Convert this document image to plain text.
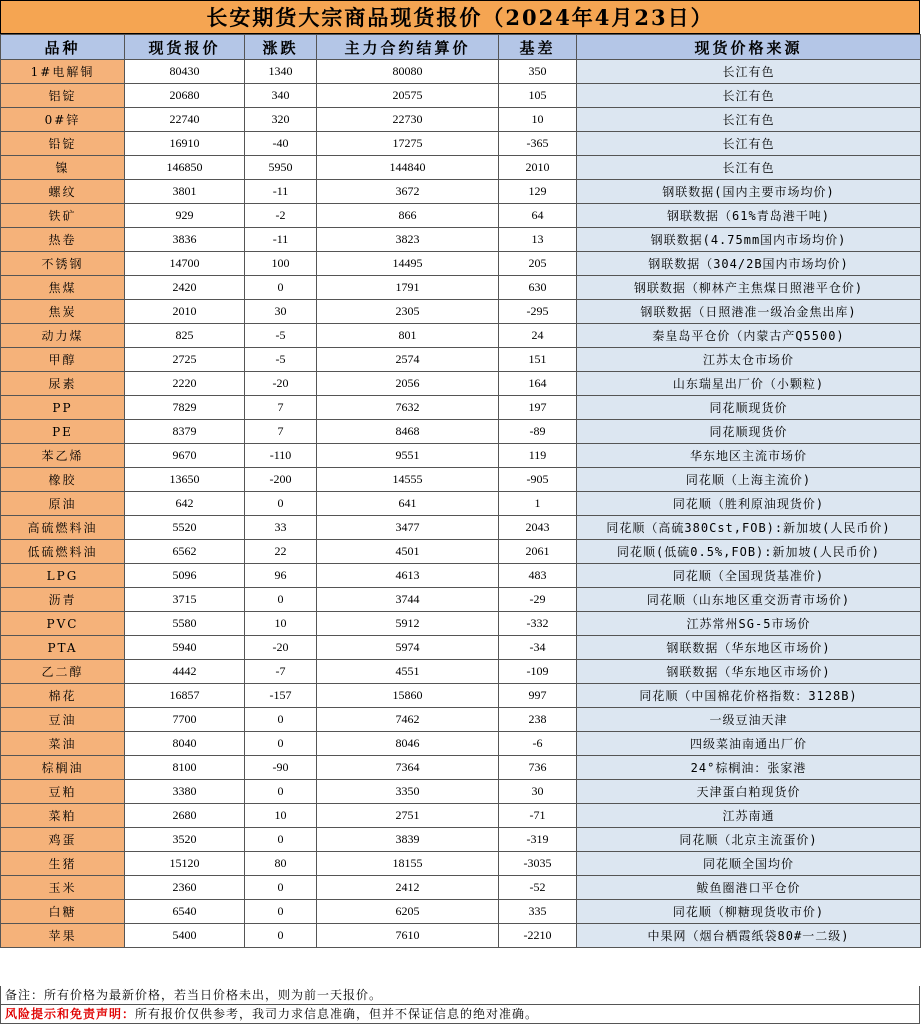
长安期货大宗商品现货报价（2024年4月23日）
品种	现货报价	涨跌	主力合约结算价	基差	现货价格来源
1#电解铜	80430	1340	80080	350	长江有色
铝锭	20680	340	20575	105	长江有色
0#锌	22740	320	22730	10	长江有色
铅锭	16910	-40	17275	-365	长江有色
镍	146850	5950	144840	2010	长江有色
螺纹	3801	-11	3672	129	钢联数据(国内主要市场均价)
铁矿	929	-2	866	64	钢联数据（61%青岛港干吨)
热卷	3836	-11	3823	13	钢联数据(4.75mm国内市场均价)
不锈钢	14700	100	14495	205	钢联数据（304/2B国内市场均价)
焦煤	2420	0	1791	630	钢联数据（柳林产主焦煤日照港平仓价)
焦炭	2010	30	2305	-295	钢联数据（日照港准一级冶金焦出库)
动力煤	825	-5	801	24	秦皇岛平仓价（内蒙古产Q5500)
甲醇	2725	-5	2574	151	江苏太仓市场价
尿素	2220	-20	2056	164	山东瑞星出厂价（小颗粒)
PP	7829	7	7632	197	同花顺现货价
PE	8379	7	8468	-89	同花顺现货价
苯乙烯	9670	-110	9551	119	华东地区主流市场价
橡胶	13650	-200	14555	-905	同花顺（上海主流价)
原油	642	0	641	1	同花顺（胜利原油现货价)
高硫燃料油	5520	33	3477	2043	同花顺（高硫380Cst,FOB):新加坡(人民币价)
低硫燃料油	6562	22	4501	2061	同花顺(低硫0.5%,FOB):新加坡(人民币价)
LPG	5096	96	4613	483	同花顺（全国现货基准价)
沥青	3715	0	3744	-29	同花顺（山东地区重交沥青市场价)
PVC	5580	10	5912	-332	江苏常州SG-5市场价
PTA	5940	-20	5974	-34	钢联数据（华东地区市场价)
乙二醇	4442	-7	4551	-109	钢联数据（华东地区市场价)
棉花	16857	-157	15860	997	同花顺（中国棉花价格指数：3128B)
豆油	7700	0	7462	238	一级豆油天津
菜油	8040	0	8046	-6	四级菜油南通出厂价
棕榈油	8100	-90	7364	736	24°棕榈油：张家港
豆粕	3380	0	3350	30	天津蛋白粕现货价
菜粕	2680	10	2751	-71	江苏南通
鸡蛋	3520	0	3839	-319	同花顺（北京主流蛋价)
生猪	15120	80	18155	-3035	同花顺全国均价
玉米	2360	0	2412	-52	鲅鱼圈港口平仓价
白糖	6540	0	6205	335	同花顺（柳糖现货收市价)
苹果	5400	0	7610	-2210	中果网（烟台栖霞纸袋80#一二级)
备注：所有价格为最新价格，若当日价格未出，则为前一天报价。
风险提示和免责声明：所有报价仅供参考，我司力求信息准确，但并不保证信息的绝对准确。
